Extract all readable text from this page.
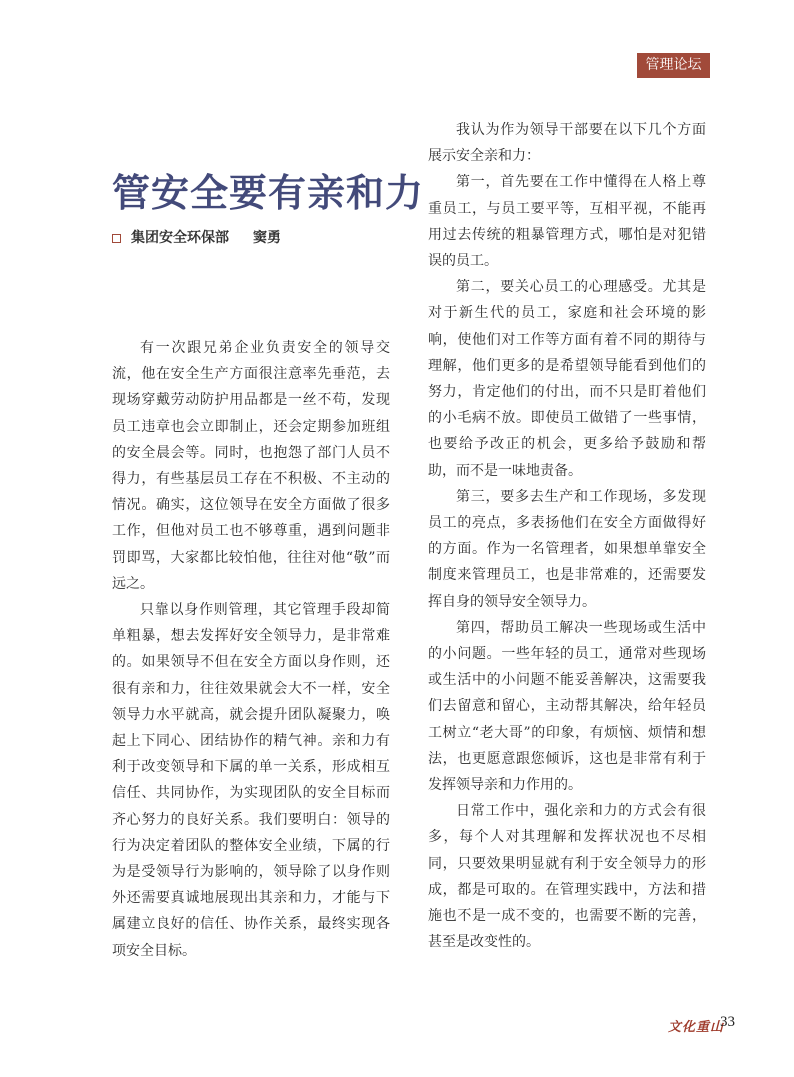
管理论坛
管安全要有亲和力
集团安全环保部 窦勇

有一次跟兄弟企业负责安全的领导交流，他在安全生产方面很注意率先垂范，去现场穿戴劳动防护用品都是一丝不苟，发现员工违章也会立即制止，还会定期参加班组的安全晨会等。同时，也抱怨了部门人员不得力，有些基层员工存在不积极、不主动的情况。确实，这位领导在安全方面做了很多工作，但他对员工也不够尊重，遇到问题非罚即骂，大家都比较怕他，往往对他“敬”而远之。

只靠以身作则管理，其它管理手段却简单粗暴，想去发挥好安全领导力，是非常难的。如果领导不但在安全方面以身作则，还很有亲和力，往往效果就会大不一样，安全领导力水平就高，就会提升团队凝聚力，唤起上下同心、团结协作的精气神。亲和力有利于改变领导和下属的单一关系，形成相互信任、共同协作，为实现团队的安全目标而齐心努力的良好关系。我们要明白：领导的行为决定着团队的整体安全业绩，下属的行为是受领导行为影响的，领导除了以身作则外还需要真诚地展现出其亲和力，才能与下属建立良好的信任、协作关系，最终实现各项安全目标。

我认为作为领导干部要在以下几个方面展示安全亲和力：

第一，首先要在工作中懂得在人格上尊重员工，与员工要平等，互相平视，不能再用过去传统的粗暴管理方式，哪怕是对犯错误的员工。

第二，要关心员工的心理感受。尤其是对于新生代的员工，家庭和社会环境的影响，使他们对工作等方面有着不同的期待与理解，他们更多的是希望领导能看到他们的努力，肯定他们的付出，而不只是盯着他们的小毛病不放。即使员工做错了一些事情，也要给予改正的机会，更多给予鼓励和帮助，而不是一味地责备。

第三，要多去生产和工作现场，多发现员工的亮点，多表扬他们在安全方面做得好的方面。作为一名管理者，如果想单靠安全制度来管理员工，也是非常难的，还需要发挥自身的领导安全领导力。

第四，帮助员工解决一些现场或生活中的小问题。一些年轻的员工，通常对些现场或生活中的小问题不能妥善解决，这需要我们去留意和留心，主动帮其解决，给年轻员工树立“老大哥”的印象，有烦恼、烦情和想法，也更愿意跟您倾诉，这也是非常有利于发挥领导亲和力作用的。

日常工作中，强化亲和力的方式会有很多，每个人对其理解和发挥状况也不尽相同，只要效果明显就有利于安全领导力的形成，都是可取的。在管理实践中，方法和措施也不是一成不变的，也需要不断的完善，甚至是改变性的。

文化重山
33
